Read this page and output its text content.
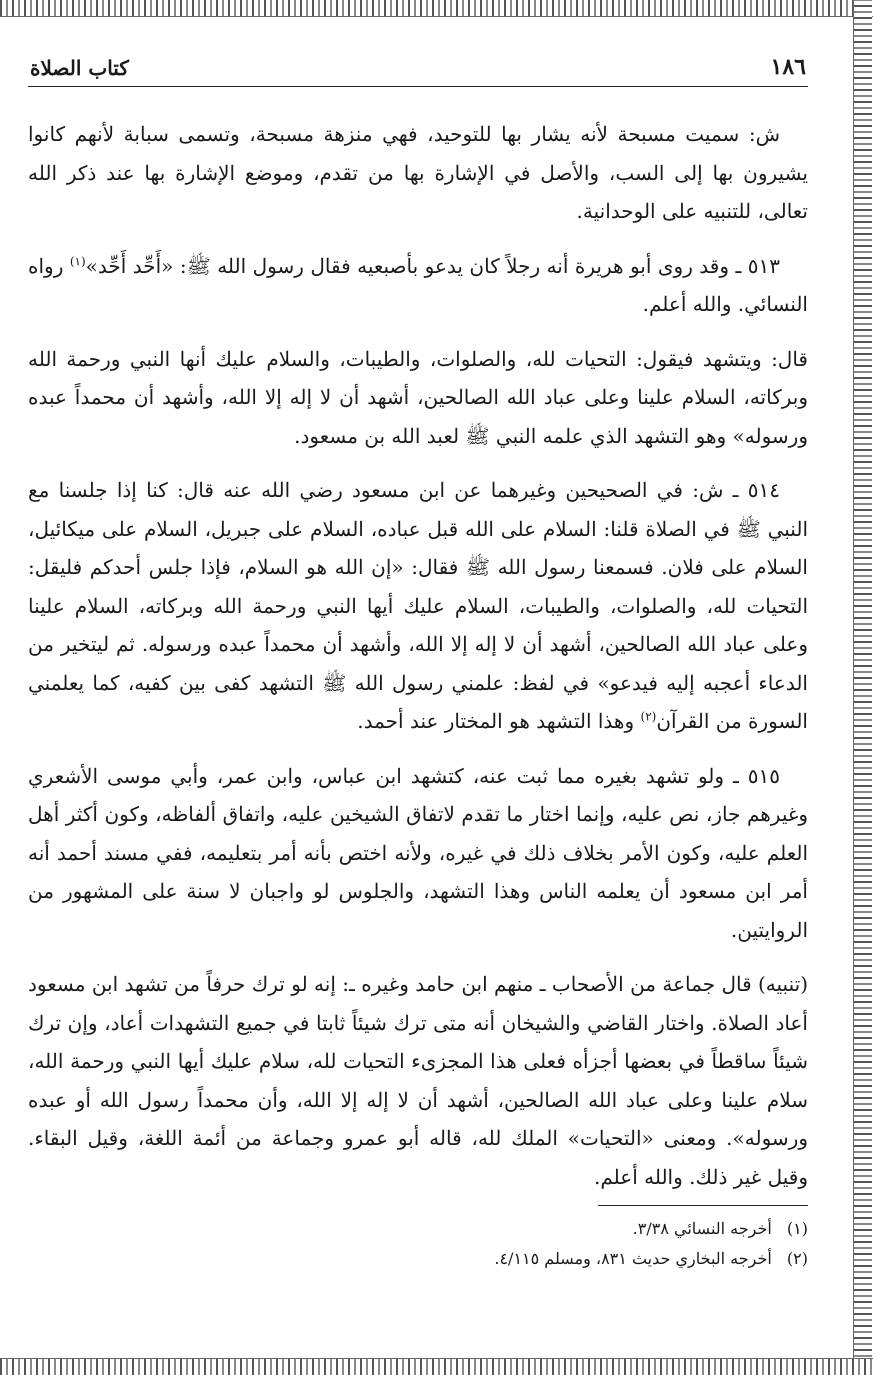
١٨٦
كتاب الصلاة

ش: سميت مسبحة لأنه يشار بها للتوحيد، فهي منزهة مسبحة، وتسمى سبابة لأنهم كانوا يشيرون بها إلى السب، والأصل في الإشارة بها من تقدم، وموضع الإشارة بها عند ذكر الله تعالى، للتنبيه على الوحدانية.

٥١٣ ـ وقد روى أبو هريرة أنه رجلاً كان يدعو بأصبعيه فقال رسول الله ﷺ: «أَحِّد أَحِّد»$^{(١)}$ رواه النسائي. والله أعلم.

قال: ويتشهد فيقول: التحيات لله، والصلوات، والطيبات، والسلام عليك أنها النبي ورحمة الله وبركاته، السلام علينا وعلى عباد الله الصالحين، أشهد أن لا إله إلا الله، وأشهد أن محمداً عبده ورسوله» وهو التشهد الذي علمه النبي ﷺ لعبد الله بن مسعود.

٥١٤ ـ ش: في الصحيحين وغيرهما عن ابن مسعود رضي الله عنه قال: كنا إذا جلسنا مع النبي ﷺ في الصلاة قلنا: السلام على الله قبل عباده، السلام على جبريل، السلام على ميكائيل، السلام على فلان. فسمعنا رسول الله ﷺ فقال: «إن الله هو السلام، فإذا جلس أحدكم فليقل: التحيات لله، والصلوات، والطيبات، السلام عليك أيها النبي ورحمة الله وبركاته، السلام علينا وعلى عباد الله الصالحين، أشهد أن لا إله إلا الله، وأشهد أن محمداً عبده ورسوله. ثم ليتخير من الدعاء أعجبه إليه فيدعو» في لفظ: علمني رسول الله ﷺ التشهد كفى بين كفيه، كما يعلمني السورة من القرآن$^{(٢)}$ وهذا التشهد هو المختار عند أحمد.

٥١٥ ـ ولو تشهد بغيره مما ثبت عنه، كتشهد ابن عباس، وابن عمر، وأبي موسى الأشعري وغيرهم جاز، نص عليه، وإنما اختار ما تقدم لاتفاق الشيخين عليه، واتفاق ألفاظه، وكون أكثر أهل العلم عليه، وكون الأمر بخلاف ذلك في غيره، ولأنه اختص بأنه أمر بتعليمه، ففي مسند أحمد أنه أمر ابن مسعود أن يعلمه الناس وهذا التشهد، والجلوس لو واجبان لا سنة على المشهور من الروايتين.

(تنبيه) قال جماعة من الأصحاب ـ منهم ابن حامد وغيره ـ: إنه لو ترك حرفاً من تشهد ابن مسعود أعاد الصلاة. واختار القاضي والشيخان أنه متى ترك شيئاً ثابتا في جميع التشهدات أعاد، وإن ترك شيئاً ساقطاً في بعضها أجزأه فعلى هذا المجزىء التحيات لله، سلام عليك أيها النبي ورحمة الله، سلام علينا وعلى عباد الله الصالحين، أشهد أن لا إله إلا الله، وأن محمداً رسول الله أو عبده ورسوله». ومعنى «التحيات» الملك لله، قاله أبو عمرو وجماعة من أئمة اللغة، وقيل البقاء. وقيل غير ذلك. والله أعلم.

(١) أخرجه النسائي ٣/٣٨.
(٢) أخرجه البخاري حديث ٨٣١، ومسلم ٤/١١٥.
